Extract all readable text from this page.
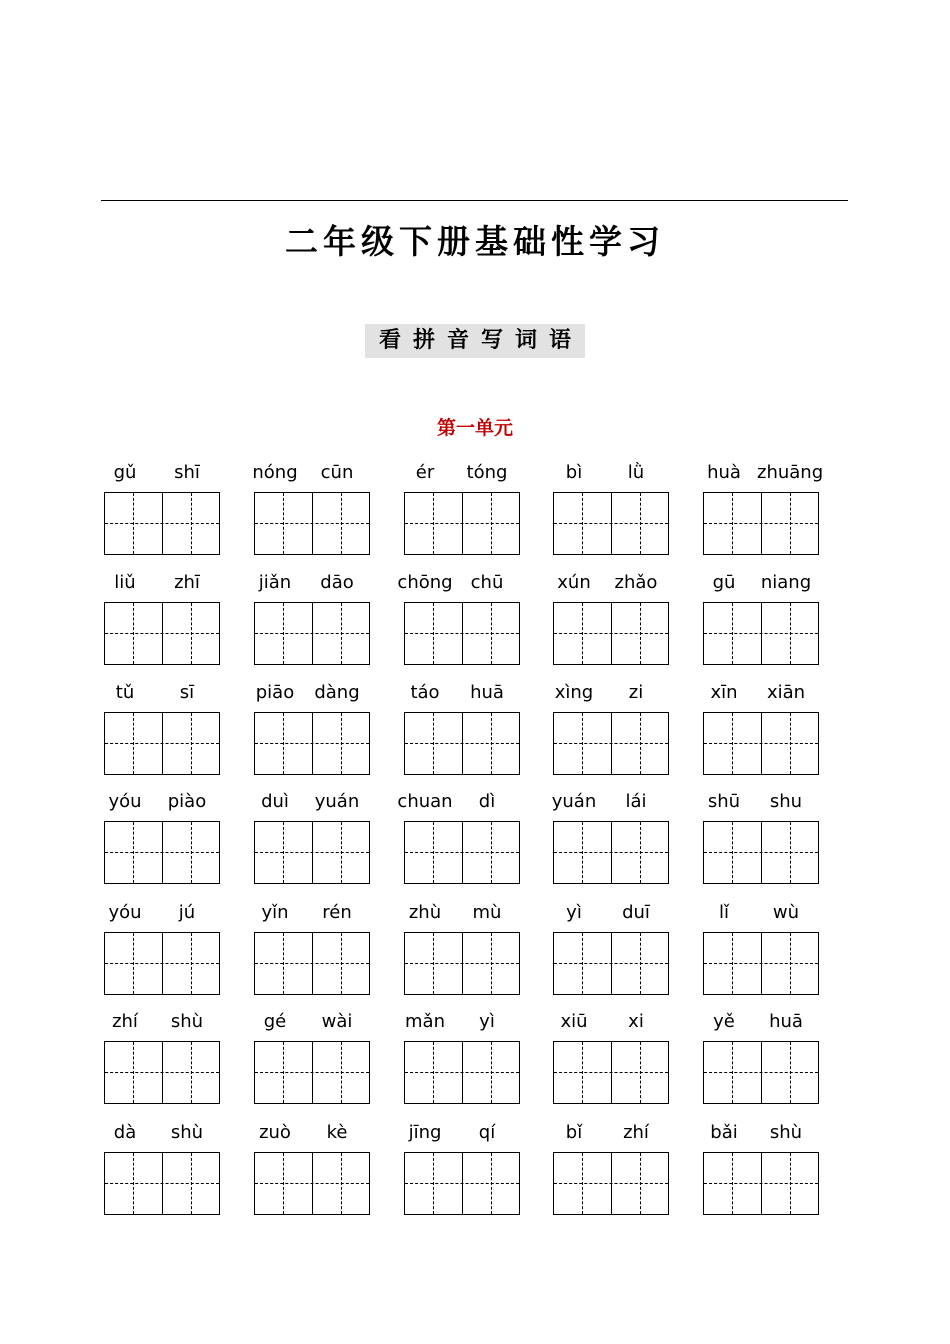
二年级下册基础性学习
看拼音写词语
第一单元
gǔ	shī	nóng	cūn	ér	tóng	bì	lǜ	huà zhuāng
liǔ	zhī	jiǎn	dāo	chōng	chū	xún	zhǎo	gū	niang
tǔ	sī	piāo	dàng	táo	huā	xìng	zi	xīn	xiān
yóu	piào	duì	yuán	chuan	dì	yuán	lái	shū	shu
yóu	jú	yǐn	rén	zhù	mù	yì	duī	lǐ	wù
zhí	shù	gé	wài	mǎn	yì	xiū	xi	yě	huā
dà	shù	zuò	kè	jīng	qí	bǐ	zhí	bǎi	shù
